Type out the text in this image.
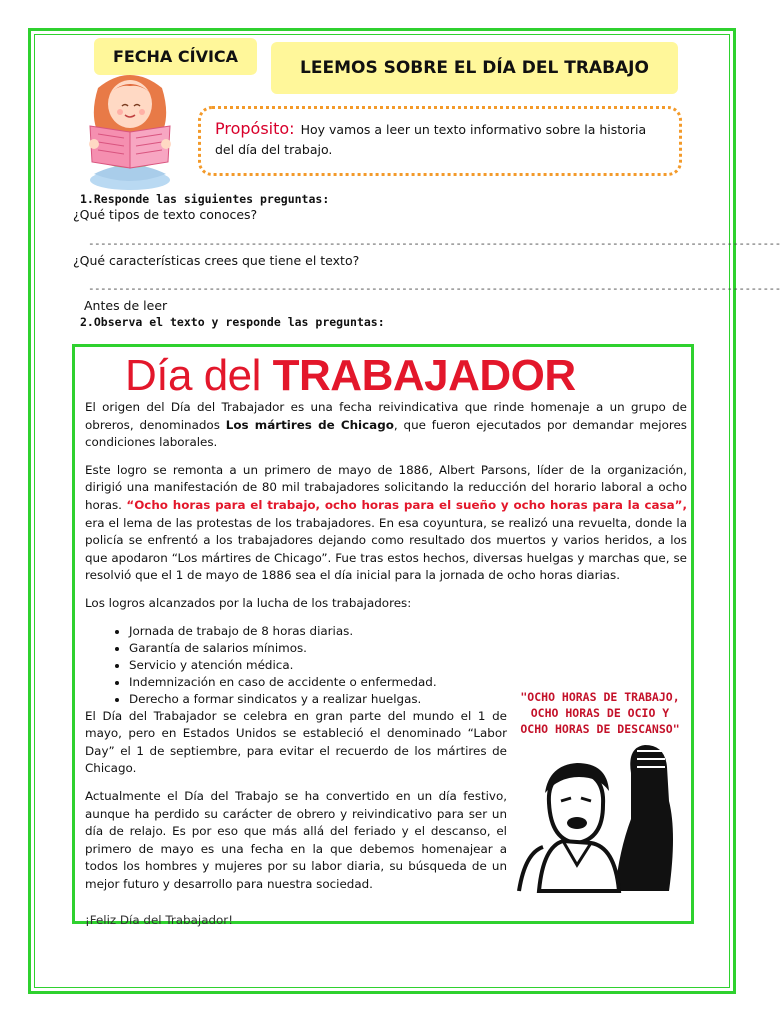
FECHA CÍVICA
LEEMOS SOBRE EL DÍA DEL TRABAJO
Propósito: Hoy vamos a leer un texto informativo sobre la historia del día del trabajo.
1.Responde las siguientes preguntas:
¿Qué tipos de texto conoces?
-------------------------------------------------------------------------------------------------------------------
¿Qué características crees que tiene el texto?
-------------------------------------------------------------------------------------------------------------------
Antes de leer
2.Observa el texto y responde las preguntas:
Día del TRABAJADOR

El origen del Día del Trabajador es una fecha reivindicativa que rinde homenaje a un grupo de obreros, denominados Los mártires de Chicago, que fueron ejecutados por demandar mejores condiciones laborales.

Este logro se remonta a un primero de mayo de 1886, Albert Parsons, líder de la organización, dirigió una manifestación de 80 mil trabajadores solicitando la reducción del horario laboral a ocho horas. “Ocho horas para el trabajo, ocho horas para el sueño y ocho horas para la casa”, era el lema de las protestas de los trabajadores. En esa coyuntura, se realizó una revuelta, donde la policía se enfrentó a los trabajadores dejando como resultado dos muertos y varios heridos, a los que apodaron “Los mártires de Chicago”. Fue tras estos hechos, diversas huelgas y marchas que, se resolvió que el 1 de mayo de 1886 sea el día inicial para la jornada de ocho horas diarias.

Los logros alcanzados por la lucha de los trabajadores:

• Jornada de trabajo de 8 horas diarias.
• Garantía de salarios mínimos.
• Servicio y atención médica.
• Indemnización en caso de accidente o enfermedad.
• Derecho a formar sindicatos y a realizar huelgas.

El Día del Trabajador se celebra en gran parte del mundo el 1 de mayo, pero en Estados Unidos se estableció el denominado “Labor Day” el 1 de septiembre, para evitar el recuerdo de los mártires de Chicago.

Actualmente el Día del Trabajo se ha convertido en un día festivo, aunque ha perdido su carácter de obrero y reivindicativo para ser un día de relajo. Es por eso que más allá del feriado y el descanso, el primero de mayo es una fecha en la que debemos homenajear a todos los hombres y mujeres por su labor diaria, su búsqueda de un mejor futuro y desarrollo para nuestra sociedad.

¡Feliz Día del Trabajador!
"OCHO HORAS DE TRABAJO,
OCHO HORAS DE OCIO Y
OCHO HORAS DE DESCANSO"
